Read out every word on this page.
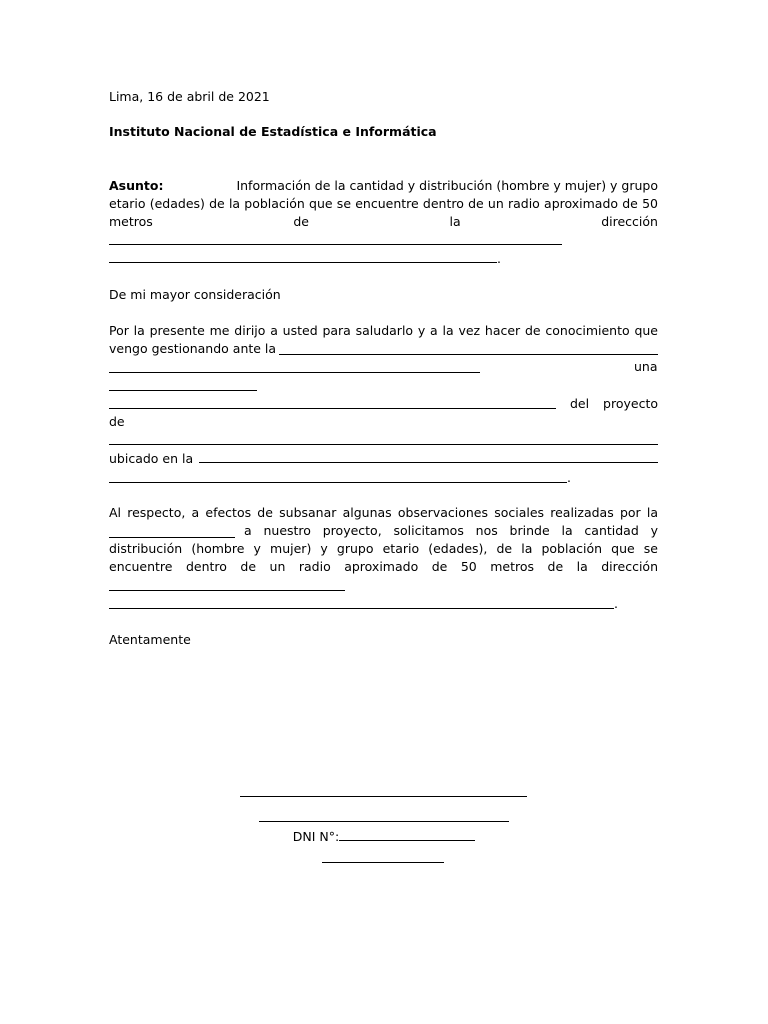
Lima, 16 de abril de 2021
Instituto Nacional de Estadística e Informática
Asunto:	Información de la cantidad y distribución (hombre y mujer) y grupo
etario (edades) de la población que se encuentre dentro de un radio aproximado de 50
metros	de	la	dirección
.
De mi mayor consideración
Por la presente me dirijo a usted para saludarlo y a la vez hacer de conocimiento que
vengo gestionando ante la
una
del proyecto
de
ubicado en la
.
Al respecto, a efectos de subsanar algunas observaciones sociales realizadas por la
a nuestro proyecto, solicitamos nos brinde la cantidad y
distribución (hombre y mujer) y grupo etario (edades), de la población que se
encuentre dentro de un radio aproximado de 50 metros de la dirección
.
Atentamente
DNI N°:
